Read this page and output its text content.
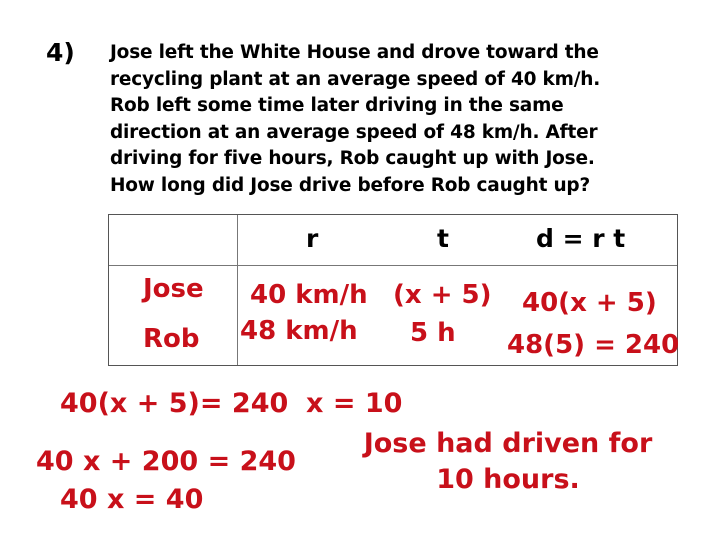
4) Jose left the White House and drove toward the
recycling plant at an average speed of 40 km/h.
Rob left some time later driving in the same
direction at an average speed of 48 km/h. After
driving for five hours, Rob caught up with Jose.
How long did Jose drive before Rob caught up?
r	t	d = r t
Jose 40 km/h (x + 5) 40(x + 5)
Rob 48 km/h 5 h 48(5) = 240
40(x + 5)= 240 x = 10
40 x + 200 = 240
40 x = 40
Jose had driven for
10 hours.
